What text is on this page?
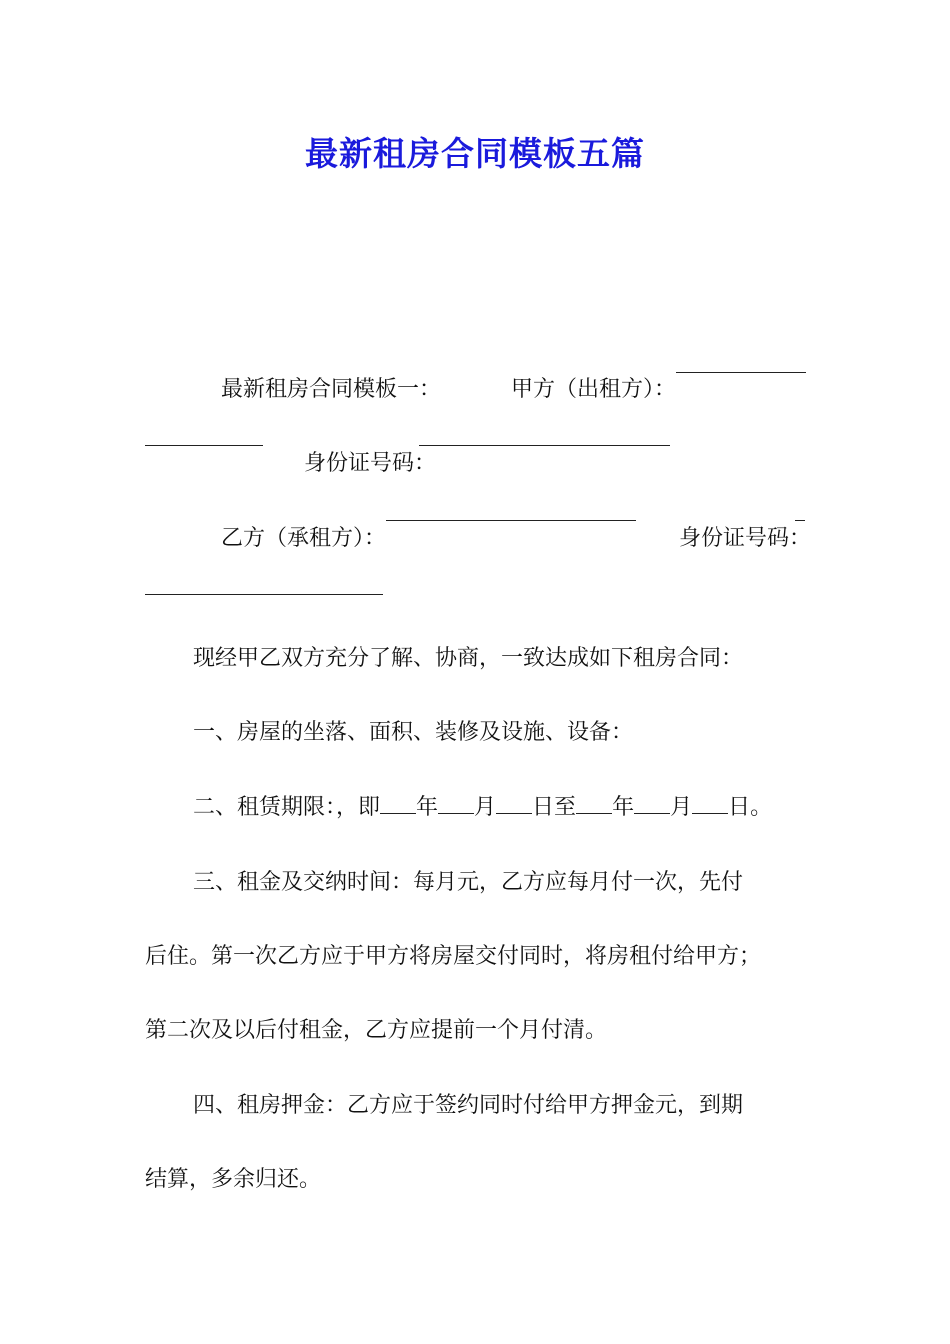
最新租房合同模板五篇

最新租房合同模板一：
	甲方（出租方）：

身份证号码：

乙方（承租方）：
	身份证号码：

现经甲乙双方充分了解、协商，一致达成如下租房合同：
一、房屋的坐落、面积、装修及设施、设备：
二、租赁期限：，即 年 月 日至 年 月 日。
三、租金及交纳时间：每月元，乙方应每月付一次，先付
后住。第一次乙方应于甲方将房屋交付同时，将房租付给甲方；
第二次及以后付租金，乙方应提前一个月付清。
四、租房押金：乙方应于签约同时付给甲方押金元，到期
结算，多余归还。
